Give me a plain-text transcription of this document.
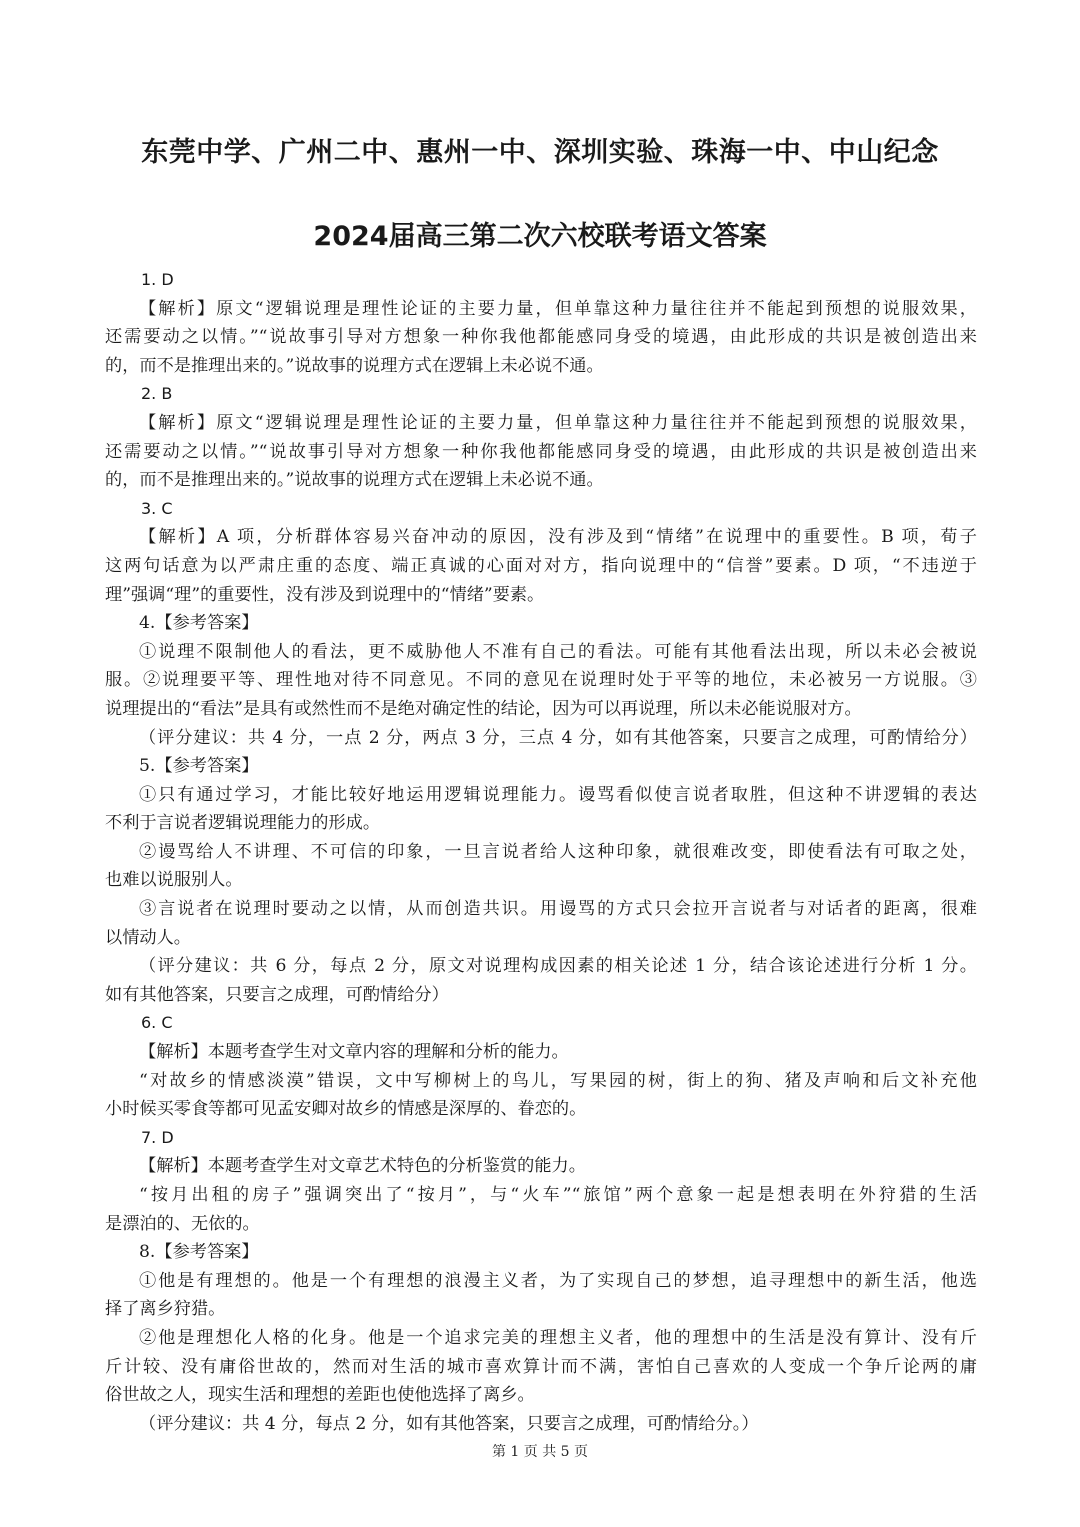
东莞中学、广州二中、惠州一中、深圳实验、珠海一中、中山纪念
2024届高三第二次六校联考语文答案
1. D
【解析】原文“逻辑说理是理性论证的主要力量，但单靠这种力量往往并不能起到预想的说服效果，
还需要动之以情。”“说故事引导对方想象一种你我他都能感同身受的境遇，由此形成的共识是被创造出来
的，而不是推理出来的。”说故事的说理方式在逻辑上未必说不通。
2. B
【解析】原文“逻辑说理是理性论证的主要力量，但单靠这种力量往往并不能起到预想的说服效果，
还需要动之以情。”“说故事引导对方想象一种你我他都能感同身受的境遇，由此形成的共识是被创造出来
的，而不是推理出来的。”说故事的说理方式在逻辑上未必说不通。
3. C
【解析】A 项，分析群体容易兴奋冲动的原因，没有涉及到“情绪”在说理中的重要性。B 项，荀子
这两句话意为以严肃庄重的态度、端正真诚的心面对对方，指向说理中的“信誉”要素。D 项，“不违逆于
理”强调“理”的重要性，没有涉及到说理中的“情绪”要素。
4.【参考答案】
①说理不限制他人的看法，更不威胁他人不准有自己的看法。可能有其他看法出现，所以未必会被说
服。②说理要平等、理性地对待不同意见。不同的意见在说理时处于平等的地位，未必被另一方说服。③
说理提出的“看法”是具有或然性而不是绝对确定性的结论，因为可以再说理，所以未必能说服对方。
（评分建议：共 4 分，一点 2 分，两点 3 分，三点 4 分，如有其他答案，只要言之成理，可酌情给分）
5.【参考答案】
①只有通过学习，才能比较好地运用逻辑说理能力。谩骂看似使言说者取胜，但这种不讲逻辑的表达
不利于言说者逻辑说理能力的形成。
②谩骂给人不讲理、不可信的印象，一旦言说者给人这种印象，就很难改变，即使看法有可取之处，
也难以说服别人。
③言说者在说理时要动之以情，从而创造共识。用谩骂的方式只会拉开言说者与对话者的距离，很难
以情动人。
（评分建议：共 6 分，每点 2 分，原文对说理构成因素的相关论述 1 分，结合该论述进行分析 1 分。
如有其他答案，只要言之成理，可酌情给分）
6. C
【解析】本题考查学生对文章内容的理解和分析的能力。
“对故乡的情感淡漠”错误，文中写柳树上的鸟儿，写果园的树，街上的狗、猪及声响和后文补充他
小时候买零食等都可见孟安卿对故乡的情感是深厚的、眷恋的。
7. D
【解析】本题考查学生对文章艺术特色的分析鉴赏的能力。
“按月出租的房子”强调突出了“按月”，与“火车”“旅馆”两个意象一起是想表明在外狩猎的生活
是漂泊的、无依的。
8.【参考答案】
①他是有理想的。他是一个有理想的浪漫主义者，为了实现自己的梦想，追寻理想中的新生活，他选
择了离乡狩猎。
②他是理想化人格的化身。他是一个追求完美的理想主义者，他的理想中的生活是没有算计、没有斤
斤计较、没有庸俗世故的，然而对生活的城市喜欢算计而不满，害怕自己喜欢的人变成一个争斤论两的庸
俗世故之人，现实生活和理想的差距也使他选择了离乡。
（评分建议：共 4 分，每点 2 分，如有其他答案，只要言之成理，可酌情给分。）
第 1 页 共 5 页
